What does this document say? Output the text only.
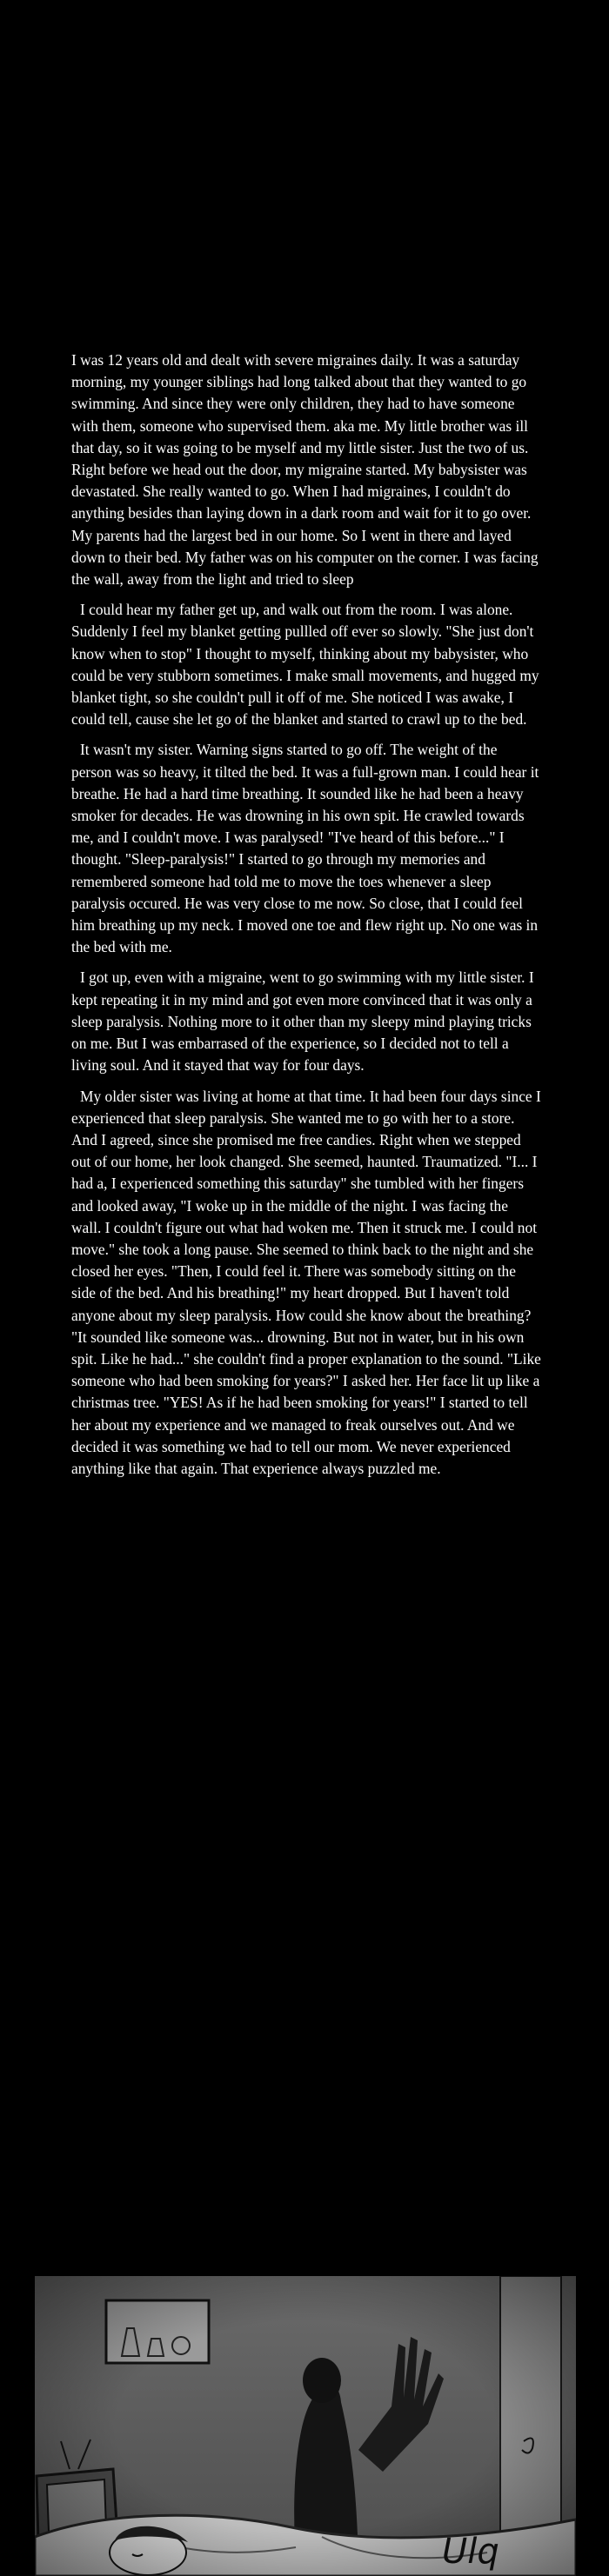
I was 12 years old and dealt with severe migraines daily. It was a saturday morning, my younger siblings had long talked about that they wanted to go swimming. And since they were only children, they had to have someone with them, someone who supervised them. aka me. My little brother was ill that day, so it was going to be myself and my little sister. Just the two of us. Right before we head out the door, my migraine started. My babysister was devastated. She really wanted to go. When I had migraines, I couldn't do anything besides than laying down in a dark room and wait for it to go over. My parents had the largest bed in our home. So I went in there and layed down to their bed. My father was on his computer on the corner. I was facing the wall, away from the light and tried to sleep

I could hear my father get up, and walk out from the room. I was alone. Suddenly I feel my blanket getting pullled off ever so slowly. "She just don't know when to stop" I thought to myself, thinking about my babysister, who could be very stubborn sometimes. I make small movements, and hugged my blanket tight, so she couldn't pull it off of me. She noticed I was awake, I could tell, cause she let go of the blanket and started to crawl up to the bed.

It wasn't my sister. Warning signs started to go off. The weight of the person was so heavy, it tilted the bed. It was a full-grown man. I could hear it breathe. He had a hard time breathing. It sounded like he had been a heavy smoker for decades. He was drowning in his own spit. He crawled towards me, and I couldn't move. I was paralysed! "I've heard of this before..." I thought. "Sleep-paralysis!" I started to go through my memories and remembered someone had told me to move the toes whenever a sleep paralysis occured. He was very close to me now. So close, that I could feel him breathing up my neck. I moved one toe and flew right up. No one was in the bed with me.

I got up, even with a migraine, went to go swimming with my little sister. I kept repeating it in my mind and got even more convinced that it was only a sleep paralysis. Nothing more to it other than my sleepy mind playing tricks on me. But I was embarrased of the experience, so I decided not to tell a living soul. And it stayed that way for four days.

My older sister was living at home at that time. It had been four days since I experienced that sleep paralysis. She wanted me to go with her to a store. And I agreed, since she promised me free candies. Right when we stepped out of our home, her look changed. She seemed, haunted. Traumatized. "I... I had a, I experienced something this saturday" she tumbled with her fingers and looked away, "I woke up in the middle of the night. I was facing the wall. I couldn't figure out what had woken me. Then it struck me. I could not move." she took a long pause. She seemed to think back to the night and she closed her eyes. "Then, I could feel it. There was somebody sitting on the side of the bed. And his breathing!" my heart dropped. But I haven't told anyone about my sleep paralysis. How could she know about the breathing? "It sounded like someone was... drowning. But not in water, but in his own spit. Like he had..." she couldn't find a proper explanation to the sound. "Like someone who had been smoking for years?" I asked her. Her face lit up like a christmas tree. "YES! As if he had been smoking for years!" I started to tell her about my experience and we managed to freak ourselves out. And we decided it was something we had to tell our mom. We never experienced anything like that again. That experience always puzzled me.
